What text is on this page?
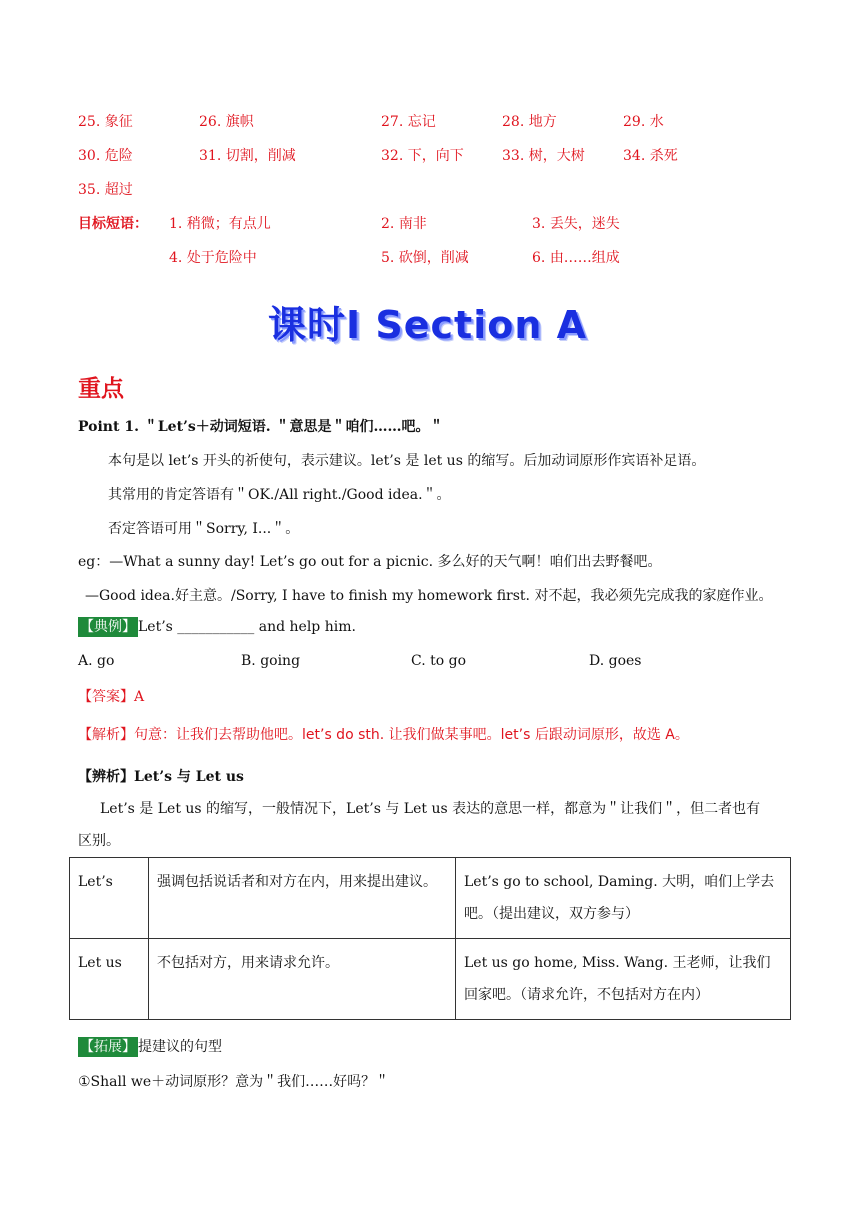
25. 象征	26. 旗帜	27. 忘记	28. 地方	29. 水
30. 危险	31. 切割，削减	32. 下，向下	33. 树，大树	34. 杀死
35. 超过
目标短语： 1. 稍微；有点儿	2. 南非	3. 丢失，迷失
4. 处于危险中	5. 砍倒，削减	6. 由……组成
课时I Section A
重点
Point 1. ＂Let’s＋动词短语. ＂意思是＂咱们……吧。＂
本句是以 let’s 开头的祈使句，表示建议。let’s 是 let us 的缩写。后加动词原形作宾语补足语。
其常用的肯定答语有＂OK./All right./Good idea.＂。
否定答语可用＂Sorry, I...＂。
eg：—What a sunny day! Let’s go out for a picnic. 多么好的天气啊！咱们出去野餐吧。
—Good idea.好主意。/Sorry, I have to finish my homework first. 对不起，我必须先完成我的家庭作业。
【典例】 Let’s ___________ and help him.
A. go	B. going	C. to go	D. goes
【答案】A
【解析】句意：让我们去帮助他吧。let’s do sth. 让我们做某事吧。let’s 后跟动词原形，故选 A。
【辨析】Let’s 与 Let us
Let’s 是 Let us 的缩写，一般情况下，Let’s 与 Let us 表达的意思一样，都意为＂让我们＂，但二者也有
区别。
Let’s	强调包括说话者和对方在内，用来提出建议。	Let’s go to school, Daming. 大明，咱们上学去吧。（提出建议，双方参与）
Let us	不包括对方，用来请求允许。	Let us go home, Miss. Wang. 王老师，让我们回家吧。（请求允许，不包括对方在内）
【拓展】 提建议的句型
①Shall we＋动词原形？意为＂我们……好吗？＂
